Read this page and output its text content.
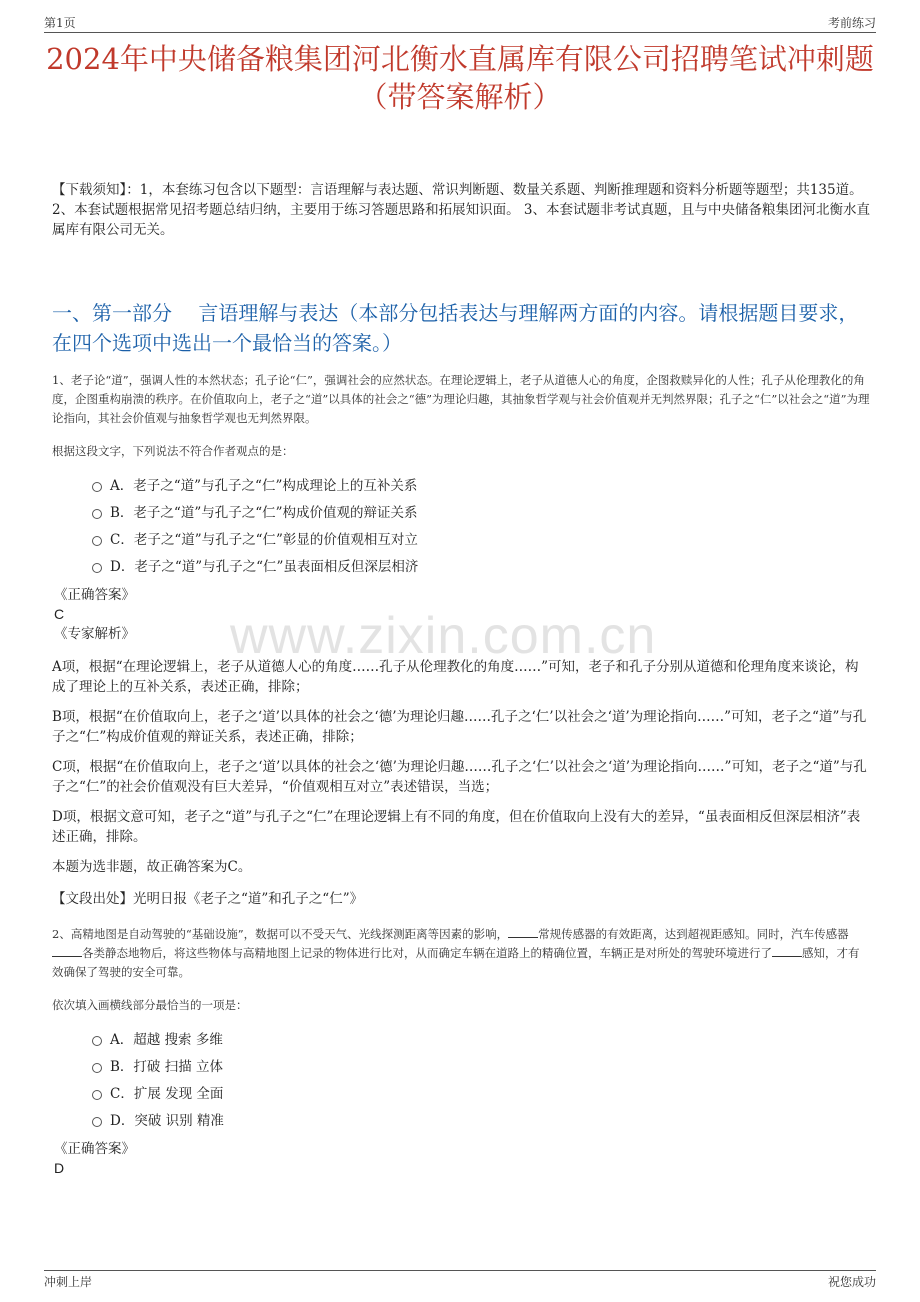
第1页	考前练习
2024年中央储备粮集团河北衡水直属库有限公司招聘笔试冲刺题（带答案解析）
【下载须知】：1，本套练习包含以下题型：言语理解与表达题、常识判断题、数量关系题、判断推理题和资料分析题等题型；共135道。 2、本套试题根据常见招考题总结归纳，主要用于练习答题思路和拓展知识面。 3、本套试题非考试真题，且与中央储备粮集团河北衡水直属库有限公司无关。
一、第一部分　 言语理解与表达（本部分包括表达与理解两方面的内容。请根据题目要求，在四个选项中选出一个最恰当的答案。）
www.zixin.com.cn
1、老子论“道”，强调人性的本然状态；孔子论“仁”，强调社会的应然状态。在理论逻辑上，老子从道德人心的角度，企图救赎异化的人性；孔子从伦理教化的角度，企图重构崩溃的秩序。在价值取向上，老子之“道”以具体的社会之“德”为理论归趣，其抽象哲学观与社会价值观并无判然界限；孔子之“仁”以社会之“道”为理论指向，其社会价值观与抽象哲学观也无判然界限。
根据这段文字，下列说法不符合作者观点的是：
A．老子之“道”与孔子之“仁”构成理论上的互补关系
B．老子之“道”与孔子之“仁”构成价值观的辩证关系
C．老子之“道”与孔子之“仁”彰显的价值观相互对立
D．老子之“道”与孔子之“仁”虽表面相反但深层相济
《正确答案》
C
《专家解析》
A项，根据“在理论逻辑上，老子从道德人心的角度……孔子从伦理教化的角度……”可知，老子和孔子分别从道德和伦理角度来谈论，构成了理论上的互补关系，表述正确，排除；
B项，根据“在价值取向上，老子之‘道’以具体的社会之‘德’为理论归趣……孔子之‘仁’以社会之‘道’为理论指向……”可知，老子之“道”与孔子之“仁”构成价值观的辩证关系，表述正确，排除；
C项，根据“在价值取向上，老子之‘道’以具体的社会之‘德’为理论归趣……孔子之‘仁’以社会之‘道’为理论指向……”可知，老子之“道”与孔子之“仁”的社会价值观没有巨大差异，“价值观相互对立”表述错误，当选；
D项，根据文意可知，老子之“道”与孔子之“仁”在理论逻辑上有不同的角度，但在价值取向上没有大的差异，“虽表面相反但深层相济”表述正确，排除。
本题为选非题，故正确答案为C。
【文段出处】光明日报《老子之“道”和孔子之“仁”》
2、高精地图是自动驾驶的“基础设施”，数据可以不受天气、光线探测距离等因素的影响，	常规传感器的有效距离，达到超视距感知。同时，汽车传感器各类静态地物后，将这些物体与高精地图上记录的物体进行比对，从而确定车辆在道路上的精确位置，车辆正是对所处的驾驶环境进行了	感知，才有效确保了驾驶的安全可靠。
依次填入画横线部分最恰当的一项是：
A．超越 搜索 多维
B．打破 扫描 立体
C．扩展 发现 全面
D．突破 识别 精准
《正确答案》
D
冲刺上岸	祝您成功
